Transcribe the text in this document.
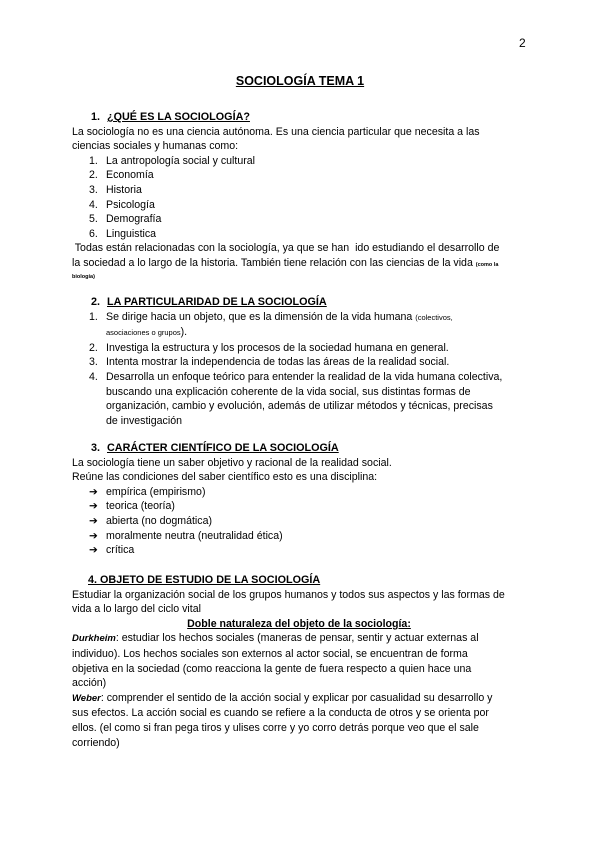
2
SOCIOLOGÍA TEMA 1
1. ¿QUÉ ES LA SOCIOLOGÍA?

La sociología no es una ciencia autónoma. Es una ciencia particular que necesita a las

ciencias sociales y humanas como:

1. La antropología social y cultural
2. Economía
3. Historia
4. Psicología
5. Demografía
6. Linguistica

Todas están relacionadas con la sociología, ya que se han  ido estudiando el desarrollo de

la sociedad a lo largo de la historia. También tiene relación con las ciencias de la vida (como la

biología)

2. LA PARTICULARIDAD DE LA SOCIOLOGÍA
1. Se dirige hacia un objeto, que es la dimensión de la vida humana (colectivos,
asociaciones o grupos).
2. Investiga la estructura y los procesos de la sociedad humana en general.
3. Intenta mostrar la independencia de todas las áreas de la realidad social.
4. Desarrolla un enfoque teórico para entender la realidad de la vida humana colectiva,
buscando una explicación coherente de la vida social, sus distintas formas de
organización, cambio y evolución, además de utilizar métodos y técnicas, precisas
de investigación
3. CARÁCTER CIENTÍFICO DE LA SOCIOLOGÍA

La sociología tiene un saber objetivo y racional de la realidad social.

Reúne las condiciones del saber científico esto es una disciplina:

➔ empírica (empirismo)
➔ teorica (teoría)
➔ abierta (no dogmática)
➔ moralmente neutra (neutralidad ética)
➔ crítica
4. OBJETO DE ESTUDIO DE LA SOCIOLOGÍA

Estudiar la organización social de los grupos humanos y todos sus aspectos y las formas de

vida a lo largo del ciclo vital

Doble naturaleza del objeto de la sociología:

Durkheim: estudiar los hechos sociales (maneras de pensar, sentir y actuar externas al

individuo). Los hechos sociales son externos al actor social, se encuentran de forma

objetiva en la sociedad (como reacciona la gente de fuera respecto a quien hace una

acción)

Weber: comprender el sentido de la acción social y explicar por casualidad su desarrollo y

sus efectos. La acción social es cuando se refiere a la conducta de otros y se orienta por

ellos. (el como si fran pega tiros y ulises corre y yo corro detrás porque veo que el sale

corriendo)
